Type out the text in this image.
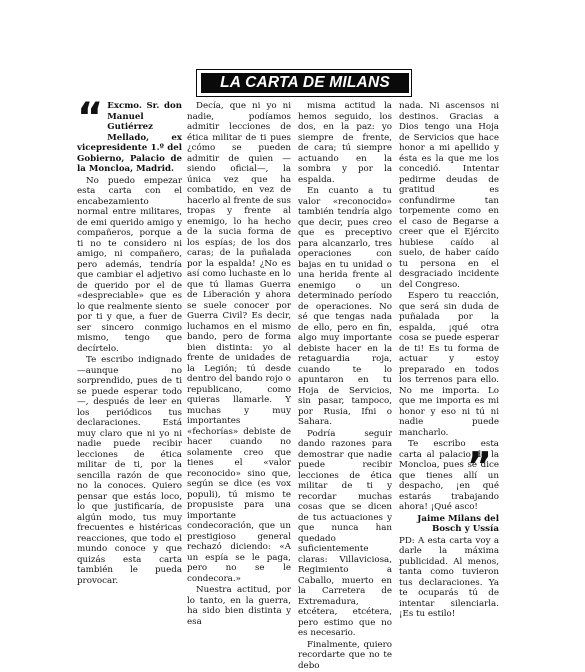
LA CARTA DE MILANS
“ Excmo. Sr. don Manuel Gutiérrez Mellado, ex vicepresidente 1.º del Gobierno, Palacio de la Moncloa, Madrid.

No puedo empezar esta carta con el encabezamiento normal entre militares, de emi querido amigo y compañeros, porque a ti no te considero ni amigo, ni compañero, pero además, tendría que cambiar el adjetivo de querido por el de «despreciable» que es lo que realmente siento por ti y que, a fuer de ser sincero conmigo mismo, tengo que decírtelo.

Te escribo indignado —aunque no sorprendido, pues de ti se puede esperar todo—, después de leer en los periódicos tus declaraciones. Está muy claro que ni yo ni nadie puede recibir lecciones de ética militar de ti, por la sencilla razón de que no la conoces. Quiero pensar que estás loco, lo que justificaría, de algún modo, tus muy frecuentes e histéricas reacciones, que todo el mundo conoce y que quizás esta carta también le pueda provocar.

Decía, que ni yo ni nadie, podíamos admitir lecciones de ética militar de ti pues ¿cómo se pueden admitir de quien —siendo oficial—, la única vez que ha combatido, en vez de hacerlo al frente de sus tropas y frente al enemigo, lo ha hecho de la sucia forma de los espías; de los dos caras; de la puñalada por la espalda! ¿No es así como luchaste en lo que tú llamas Guerra de Liberación y ahora se suele conocer por Guerra Civil? Es decir, luchamos en el mismo bando, pero de forma bien distinta: yo al frente de unidades de la Legión; tú desde dentro del bando rojo o republicano, como quieras llamarle. Y muchas y muy importantes «fechorías» debiste de hacer cuando no solamente creo que tienes el «valor reconocido» sino que, según se dice (es vox populi), tú mismo te propusiste para una importante condecoración, que un prestigioso general rechazó diciendo: «A un espía se le paga, pero no se le condecora.»

Nuestra actitud, por lo tanto, en la guerra, ha sido bien distinta y esa

misma actitud la hemos seguido, los dos, en la paz: yo siempre de frente, de cara; tú siempre actuando en la sombra y por la espalda.

En cuanto a tu valor «reconocido» también tendría algo que decir, pues creo que es preceptivo para alcanzarlo, tres operaciones con bajas en tu unidad o una herida frente al enemigo o un determinado período de operaciones. No sé que tengas nada de ello, pero en fin, algo muy importante debiste hacer en la retaguardia roja, cuando te lo apuntaron en tu Hoja de Servicios, sin pasar, tampoco, por Rusia, Ifni o Sahara.

Podría seguir dando razones para demostrar que nadie puede recibir lecciones de ética militar de ti y recordar muchas cosas que se dicen de tus actuaciones y que nunca han quedado suficientemente claras: Villaviciosa, Regimiento a Caballo, muerto en la Carretera de Extremadura, etcétera, etcétera, pero estimo que no es necesario.

Finalmente, quiero recordarte que no te debo

nada. Ni ascensos ni destinos. Gracias a Dios tengo una Hoja de Servicios que hace honor a mi apellido y ésta es la que me los concedió. Intentar pedirme deudas de gratitud es confundirme tan torpemente como en el caso de Begarse a creer que el Ejército hubiese caído al suelo, de haber caído tu persona en el desgraciado incidente del Congreso.

Espero tu reacción, que será sin duda de puñalada por la espalda, ¡qué otra cosa se puede esperar de ti! Es tu forma de actuar y estoy preparado en todos los terrenos para ello. No me importa. Lo que me importa es mi honor y eso ni tú ni nadie puede mancharlo.

Te escribo esta carta al palacio de la Moncloa, pues se dice que tienes allí un despacho, ¡en qué estarás trabajando ahora! ¡Qué asco!

Jaime Milans del Bosch y Ussía

PD: A esta carta voy a darle la máxima publicidad. Al menos, tanta como tuvieron tus declaraciones. Ya te ocuparás tú de intentar silenciarla. ¡Es tu estilo!

”
